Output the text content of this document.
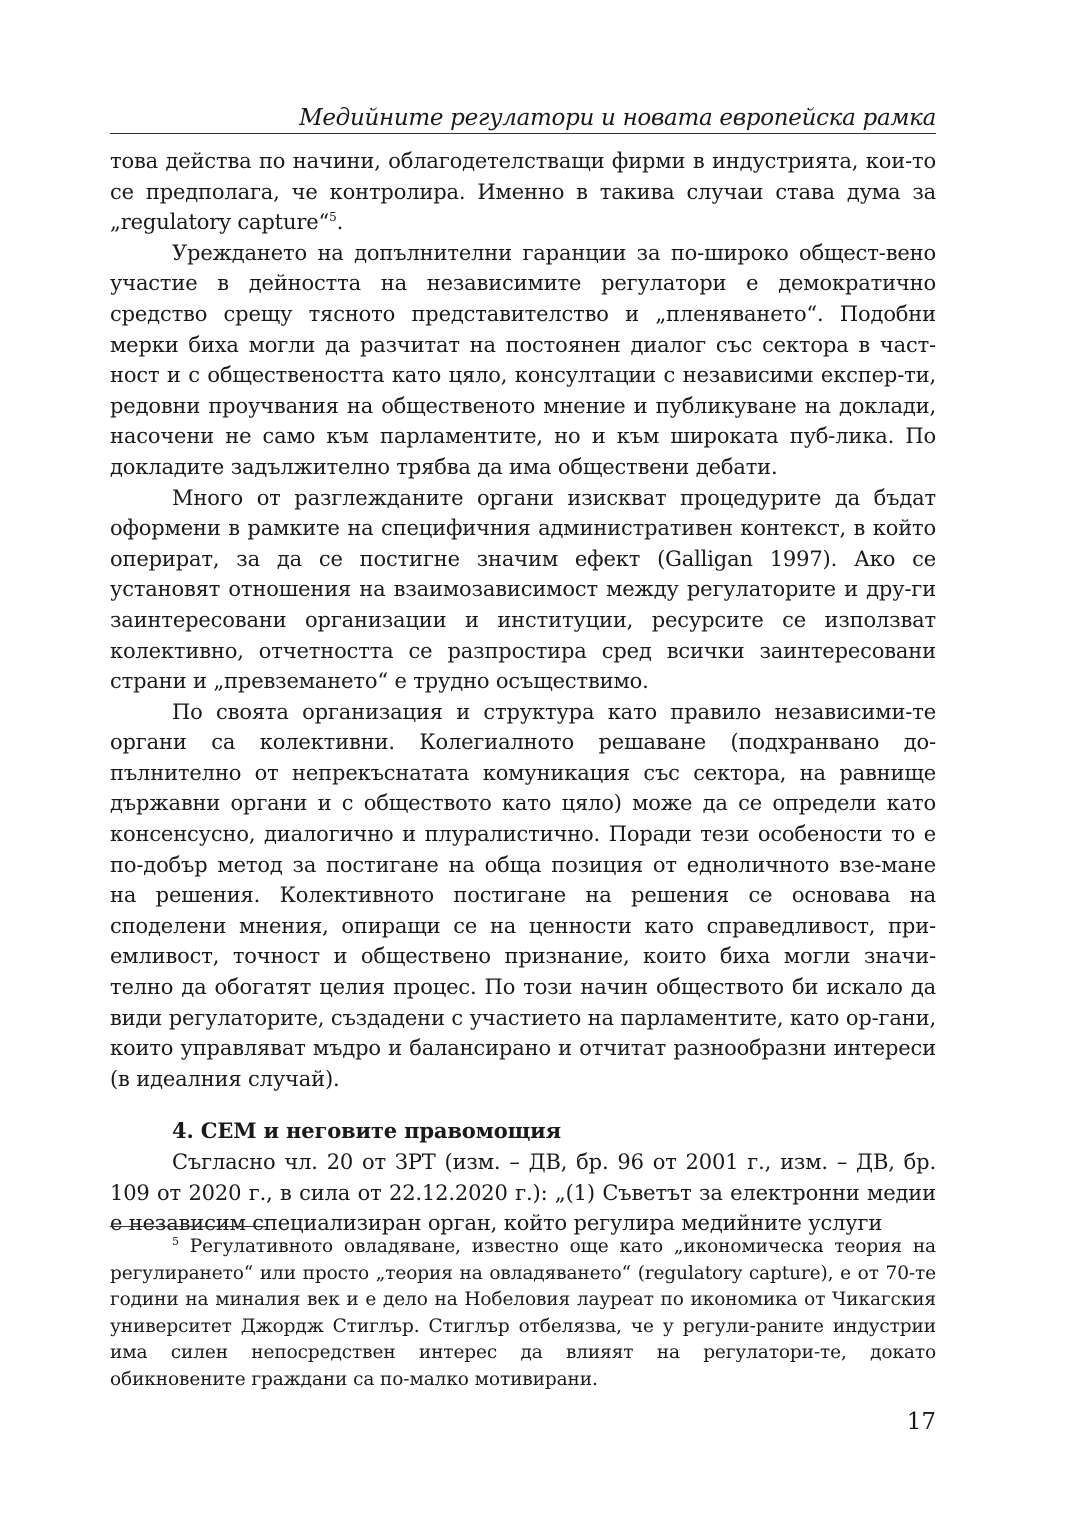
Медийните регулатори и новата европейска рамка

това действа по начини, облагодетелстващи фирми в индустрията, кои-то се предполага, че контролира. Именно в такива случаи става дума за „regulatory capture“$^5$.

Уреждането на допълнителни гаранции за по-широко общест-вено участие в дейността на независимите регулатори е демократично средство срещу тясното представителство и „пленяването“. Подобни мерки биха могли да разчитат на постоянен диалог със сектора в част-ност и с обществеността като цяло, консултации с независими експер-ти, редовни проучвания на общественото мнение и публикуване на доклади, насочени не само към парламентите, но и към широката пуб-лика. По докладите задължително трябва да има обществени дебати.

Много от разглежданите органи изискват процедурите да бъдат оформени в рамките на специфичния административен контекст, в който оперират, за да се постигне значим ефект (Galligan 1997). Ако се установят отношения на взаимозависимост между регулаторите и дру-ги заинтересовани организации и институции, ресурсите се използват колективно, отчетността се разпростира сред всички заинтересовани страни и „превземането“ е трудно осъществимо.

По своята организация и структура като правило независими-те органи са колективни. Колегиалното решаване (подхранвано до-пълнително от непрекъснатата комуникация със сектора, на равнище държавни органи и с обществото като цяло) може да се определи като консенсусно, диалогично и плуралистично. Поради тези особености то е по-добър метод за постигане на обща позиция от едноличното взе-мане на решения. Колективното постигане на решения се основава на споделени мнения, опиращи се на ценности като справедливост, при-емливост, точност и обществено признание, които биха могли значи-телно да обогатят целия процес. По този начин обществото би искало да види регулаторите, създадени с участието на парламентите, като ор-гани, които управляват мъдро и балансирано и отчитат разнообразни интереси (в идеалния случай).

4. СЕМ и неговите правомощия

Съгласно чл. 20 от ЗРТ (изм. – ДВ, бр. 96 от 2001 г., изм. – ДВ, бр. 109 от 2020 г., в сила от 22.12.2020 г.): „(1) Съветът за електронни медии е независим специализиран орган, който регулира медийните услуги

$^5$ Регулативното овладяване, известно още като „икономическа теория на регулирането“ или просто „теория на овладяването“ (regulatory capture), е от 70-те години на миналия век и е дело на Нобеловия лауреат по икономика от Чикагския университет Джордж Стиглър. Стиглър отбелязва, че у регули-раните индустрии има силен непосредствен интерес да влияят на регулатори-те, докато обикновените граждани са по-малко мотивирани.

17
